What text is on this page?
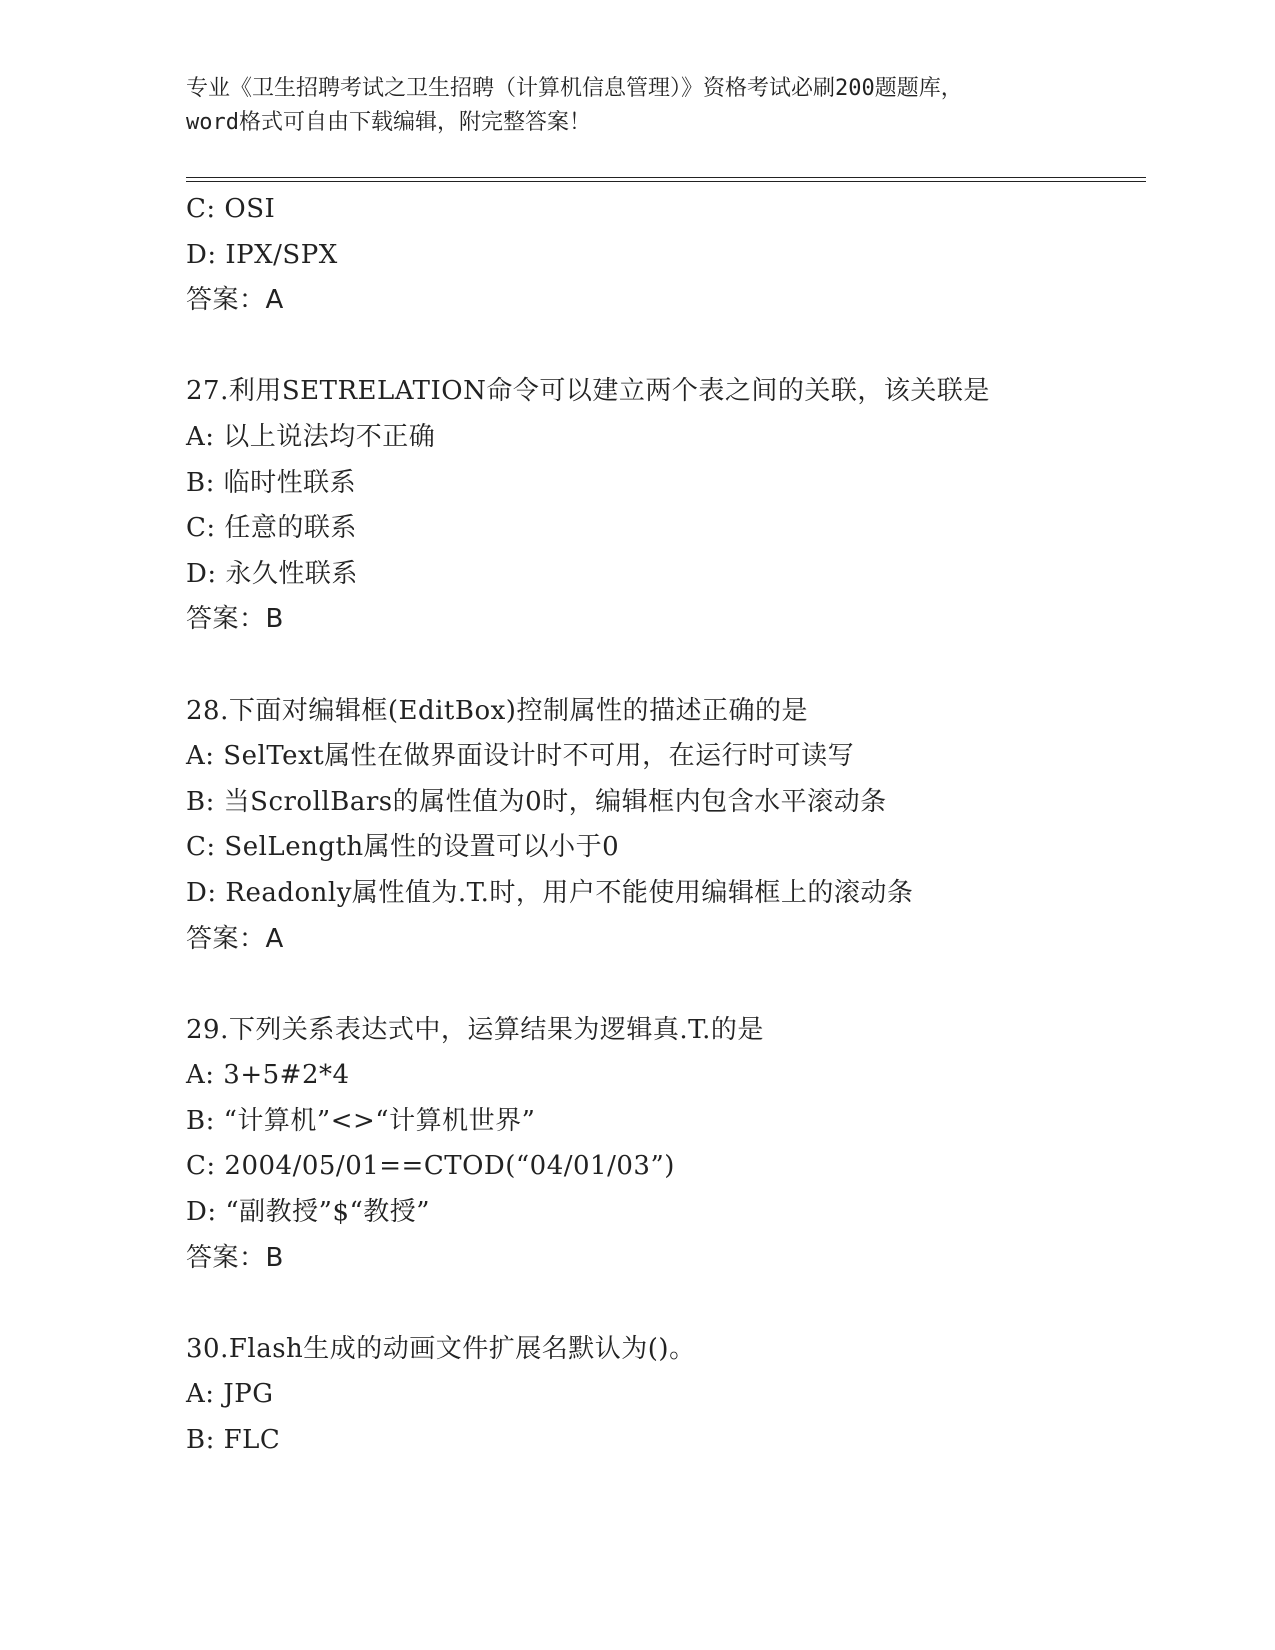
专业《卫生招聘考试之卫生招聘（计算机信息管理）》资格考试必刷200题题库，
word格式可自由下载编辑，附完整答案！
C: OSI
D: IPX/SPX
答案：A
27.利用SETRELATION命令可以建立两个表之间的关联，该关联是
A: 以上说法均不正确
B: 临时性联系
C: 任意的联系
D: 永久性联系
答案：B
28.下面对编辑框(EditBox)控制属性的描述正确的是
A: SelText属性在做界面设计时不可用，在运行时可读写
B: 当ScrollBars的属性值为0时，编辑框内包含水平滚动条
C: SelLength属性的设置可以小于0
D: Readonly属性值为.T.时，用户不能使用编辑框上的滚动条
答案：A
29.下列关系表达式中，运算结果为逻辑真.T.的是
A: 3+5#2*4
B: “计算机”<>“计算机世界”
C: 2004/05/01==CTOD(“04/01/03”)
D: “副教授”$“教授”
答案：B
30.Flash生成的动画文件扩展名默认为()。
A: JPG
B: FLC
